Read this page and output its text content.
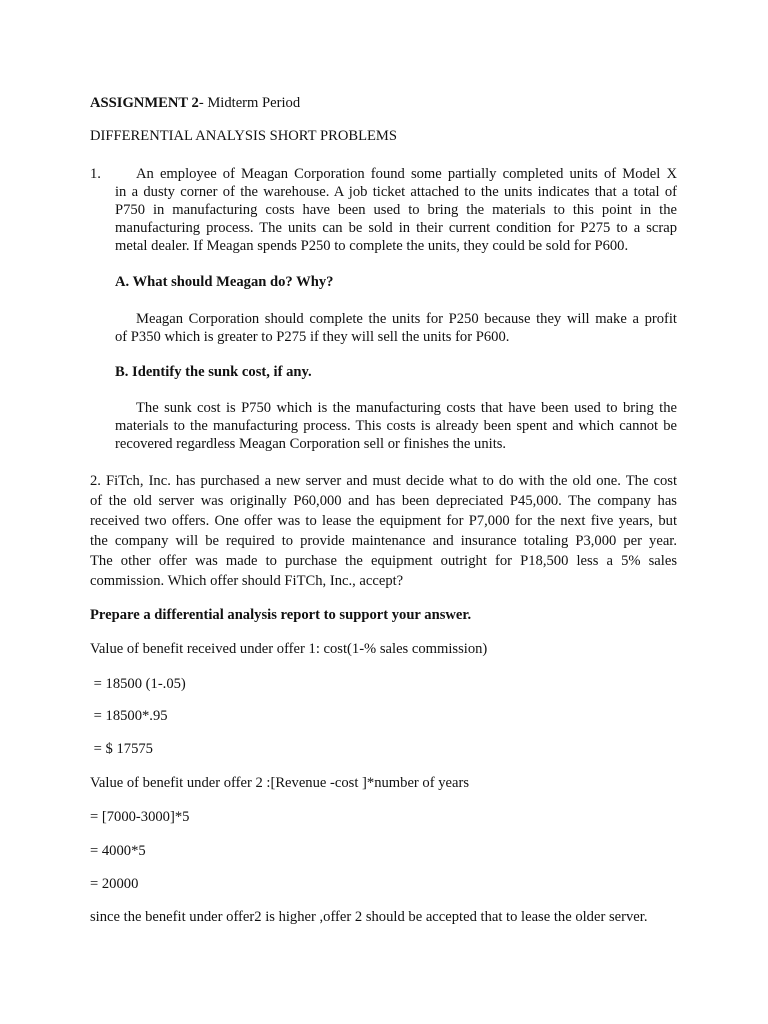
ASSIGNMENT 2- Midterm Period
DIFFERENTIAL ANALYSIS SHORT PROBLEMS
1. An employee of Meagan Corporation found some partially completed units of Model X
in a dusty corner of the warehouse. A job ticket attached to the units indicates that a total of
P750 in manufacturing costs have been used to bring the materials to this point in the
manufacturing process. The units can be sold in their current condition for P275 to a scrap
metal dealer. If Meagan spends P250 to complete the units, they could be sold for P600.
A. What should Meagan do? Why?
Meagan Corporation should complete the units for P250 because they will make a profit
of P350 which is greater to P275 if they will sell the units for P600.
B. Identify the sunk cost, if any.
The sunk cost is P750 which is the manufacturing costs that have been used to bring the
materials to the manufacturing process. This costs is already been spent and which cannot be
recovered regardless Meagan Corporation sell or finishes the units.
2. FiTch, Inc. has purchased a new server and must decide what to do with the old one. The cost
of the old server was originally P60,000 and has been depreciated P45,000. The company has
received two offers. One offer was to lease the equipment for P7,000 for the next five years, but
the company will be required to provide maintenance and insurance totaling P3,000 per year.
The other offer was made to purchase the equipment outright for P18,500 less a 5% sales
commission. Which offer should FiTCh, Inc., accept?
Prepare a differential analysis report to support your answer.
Value of benefit received under offer 1: cost(1-% sales commission)
= 18500 (1-.05)
= 18500*.95
= $ 17575
Value of benefit under offer 2 :[Revenue -cost ]*number of years
= [7000-3000]*5
= 4000*5
= 20000
since the benefit under offer2 is higher ,offer 2 should be accepted that to lease the older server.
